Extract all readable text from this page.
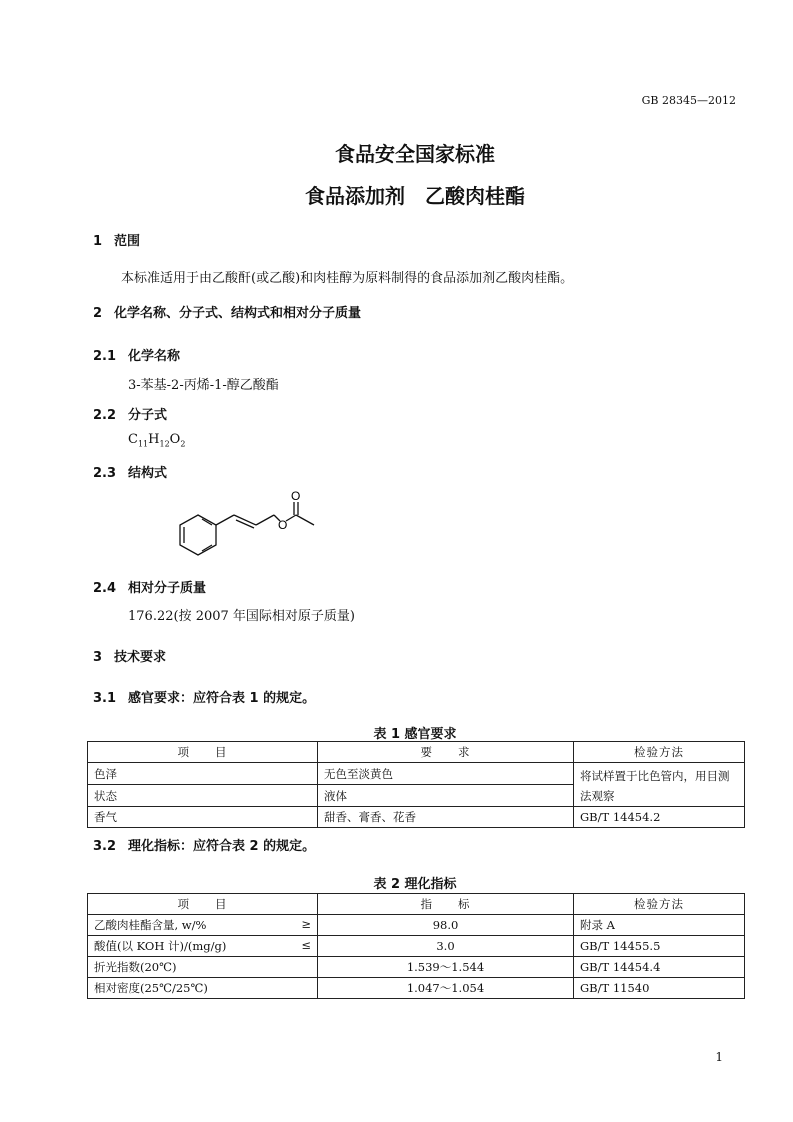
GB 28345—2012
食品安全国家标准
食品添加剂　乙酸肉桂酯
1 范围
本标准适用于由乙酸酐(或乙酸)和肉桂醇为原料制得的食品添加剂乙酸肉桂酯。
2 化学名称、分子式、结构式和相对分子质量
2.1 化学名称
3-苯基-2-丙烯-1-醇乙酸酯
2.2 分子式
$C_{11}H_{12}O_2$
2.3 结构式
O
O
2.4 相对分子质量
176.22(按 2007 年国际相对原子质量)
3 技术要求
3.1 感官要求：应符合表 1 的规定。
表 1 感官要求
项　　目	要　　求	检验方法
色泽	无色至淡黄色	将试样置于比色管内，用目测法观察
状态	液体	
香气	甜香、膏香、花香	GB/T 14454.2
3.2 理化指标：应符合表 2 的规定。
表 2 理化指标
项　　目	指　　标	检验方法

乙酸肉桂酯含量, w/% ≥	98.0	附录 A

酸值(以 KOH 计)/(mg/g) ≤	3.0	GB/T 14455.5

折光指数(20℃)	1.539～1.544	GB/T 14454.4

相对密度(25℃/25℃)	1.047～1.054	GB/T 11540
1
